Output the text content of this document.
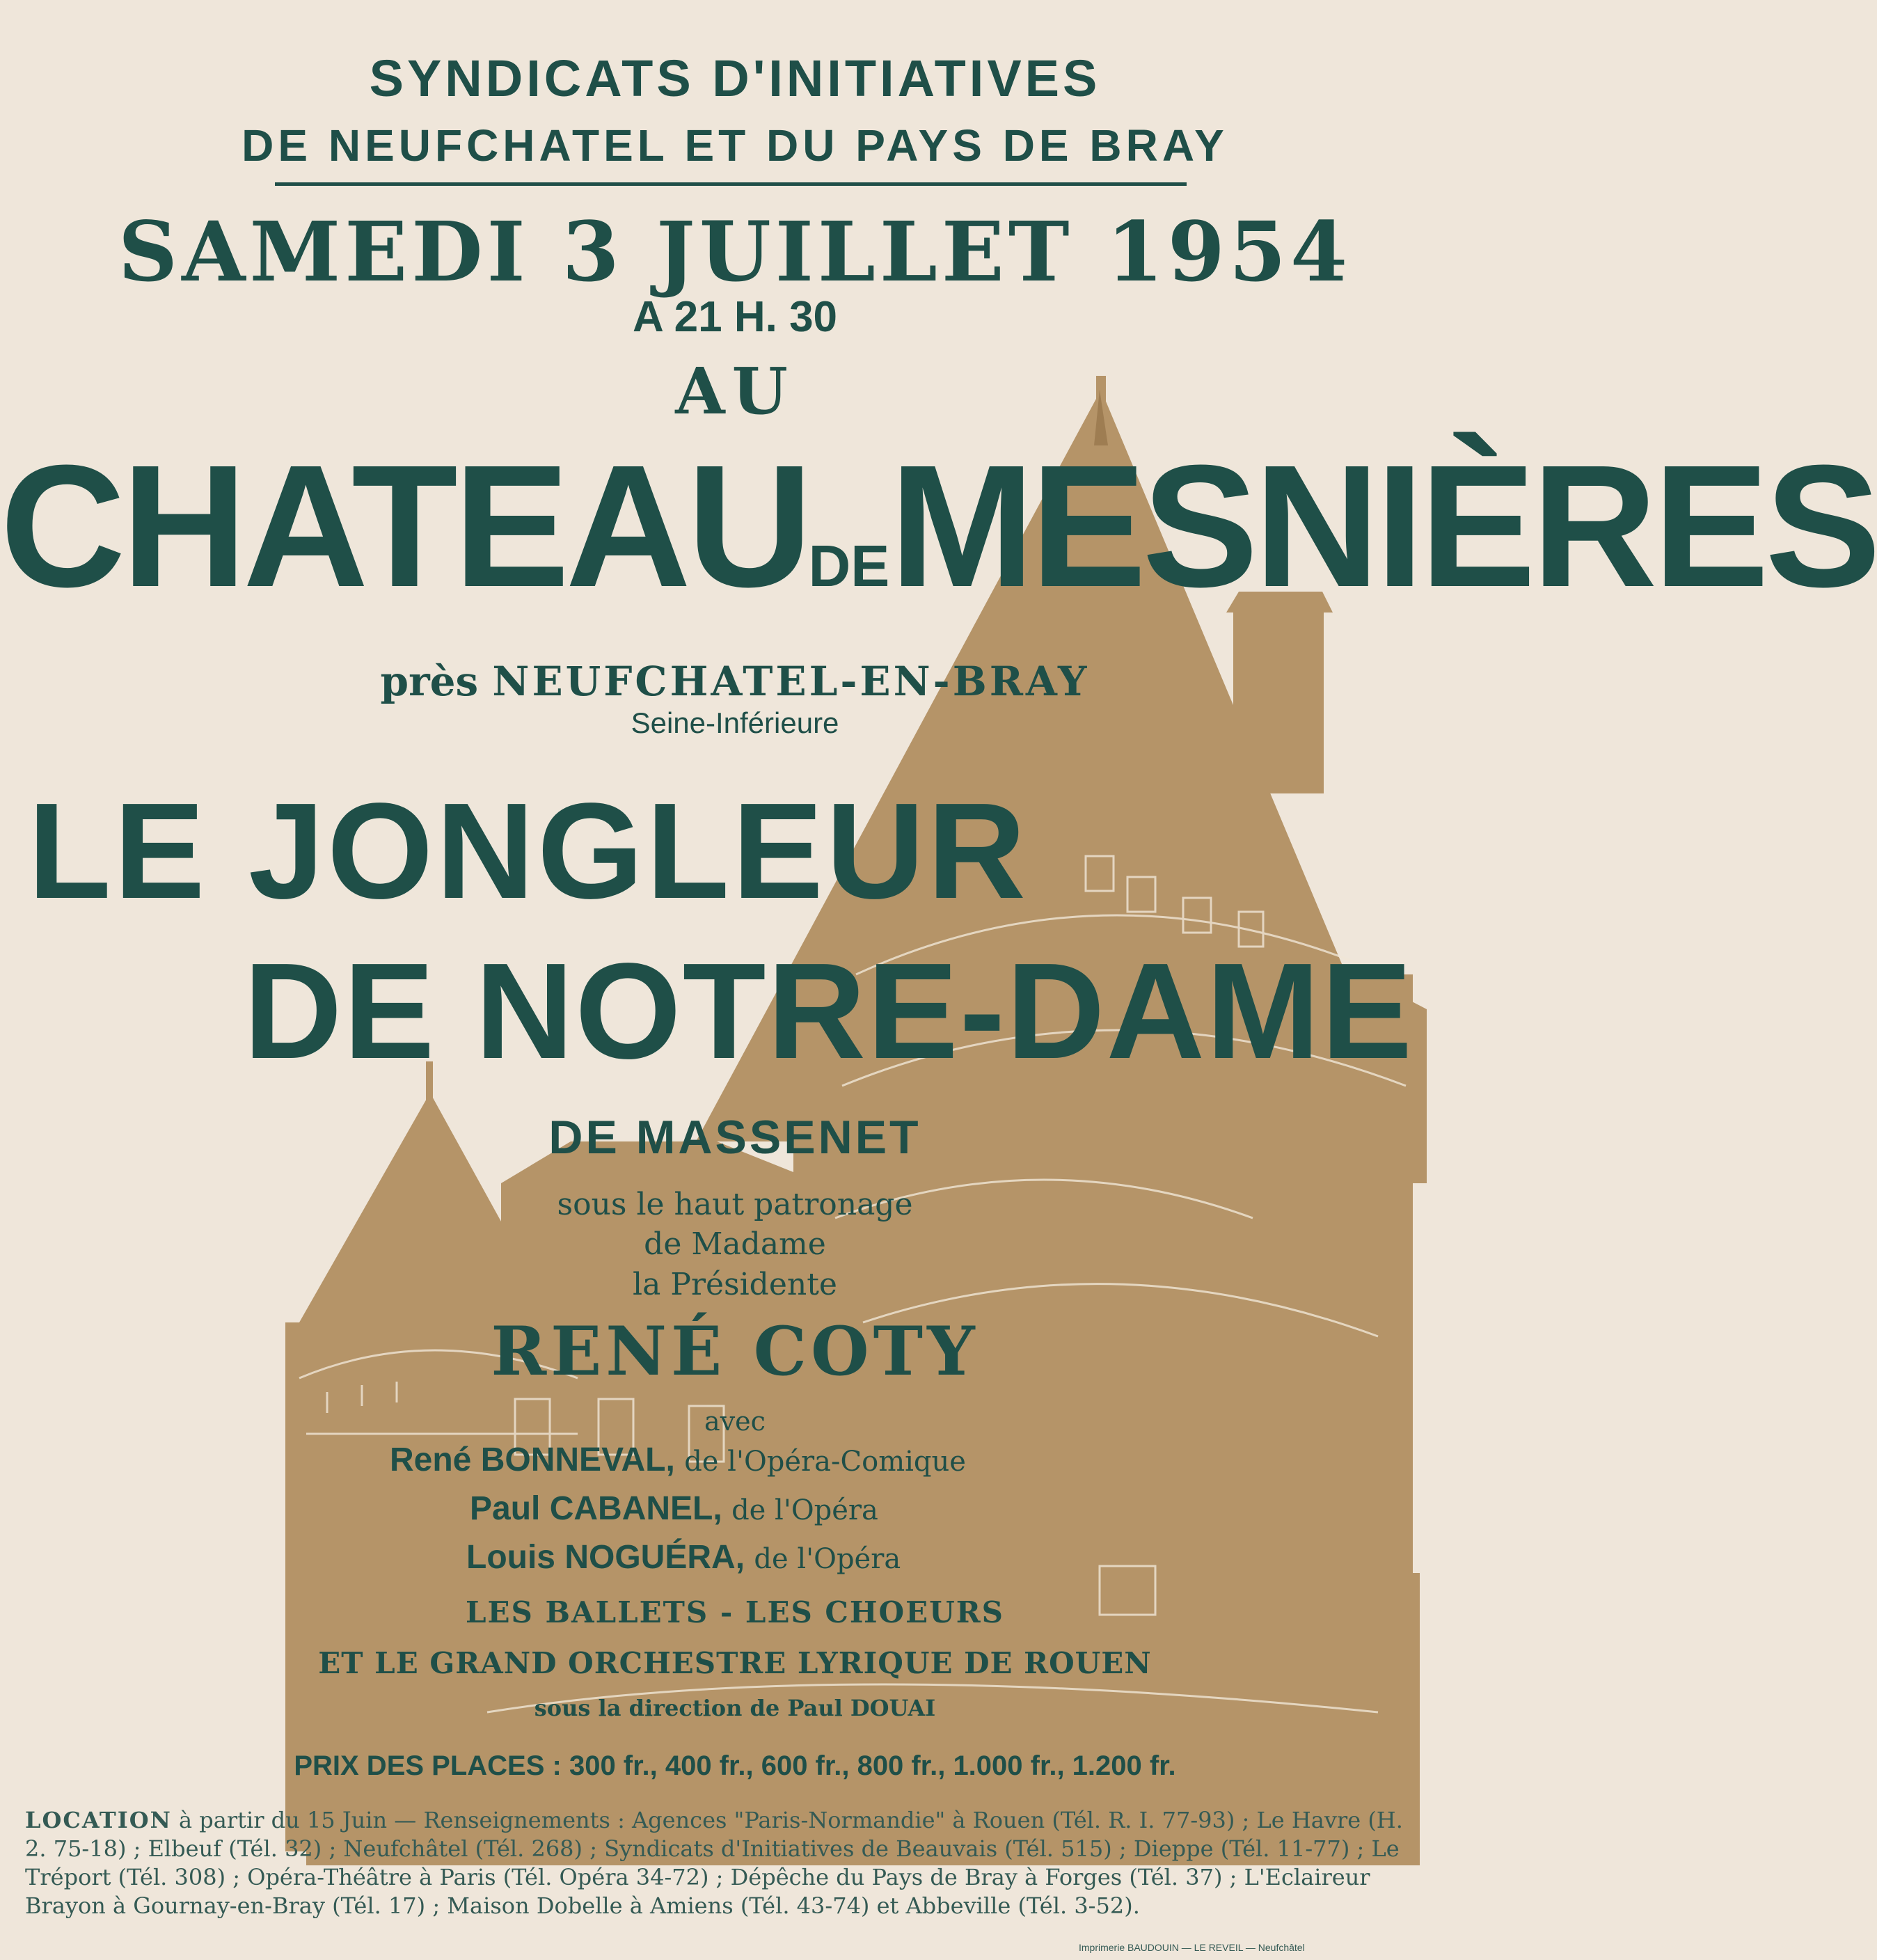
SYNDICATS D'INITIATIVES
DE NEUFCHATEL ET DU PAYS DE BRAY
SAMEDI 3 JUILLET 1954
A 21 H. 30
AU
CHATEAUDEMESNIÈRES
près NEUFCHATEL-EN-BRAY
Seine-Inférieure
LE JONGLEUR
DE NOTRE-DAME
DE MASSENET
sous le haut patronage
de Madame
la Présidente
RENÉ COTY
avec
René BONNEVAL, de l'Opéra-Comique
Paul CABANEL, de l'Opéra
Louis NOGUÉRA, de l'Opéra
LES BALLETS - LES CHOEURS
ET LE GRAND ORCHESTRE LYRIQUE DE ROUEN
sous la direction de Paul DOUAI
PRIX DES PLACES : 300 fr., 400 fr., 600 fr., 800 fr., 1.000 fr., 1.200 fr.
LOCATION à partir du 15 Juin — Renseignements : Agences "Paris-Normandie" à Rouen (Tél. R. I. 77-93) ; Le Havre (H. 2. 75-18) ; Elbeuf (Tél. 32) ; Neufchâtel (Tél. 268) ; Syndicats d'Initiatives de Beauvais (Tél. 515) ; Dieppe (Tél. 11-77) ; Le Tréport (Tél. 308) ; Opéra-Théâtre à Paris (Tél. Opéra 34-72) ; Dépêche du Pays de Bray à Forges (Tél. 37) ; L'Eclaireur Brayon à Gournay-en-Bray (Tél. 17) ; Maison Dobelle à Amiens (Tél. 43-74) et Abbeville (Tél. 3-52).
Imprimerie BAUDOUIN — LE REVEIL — Neufchâtel
